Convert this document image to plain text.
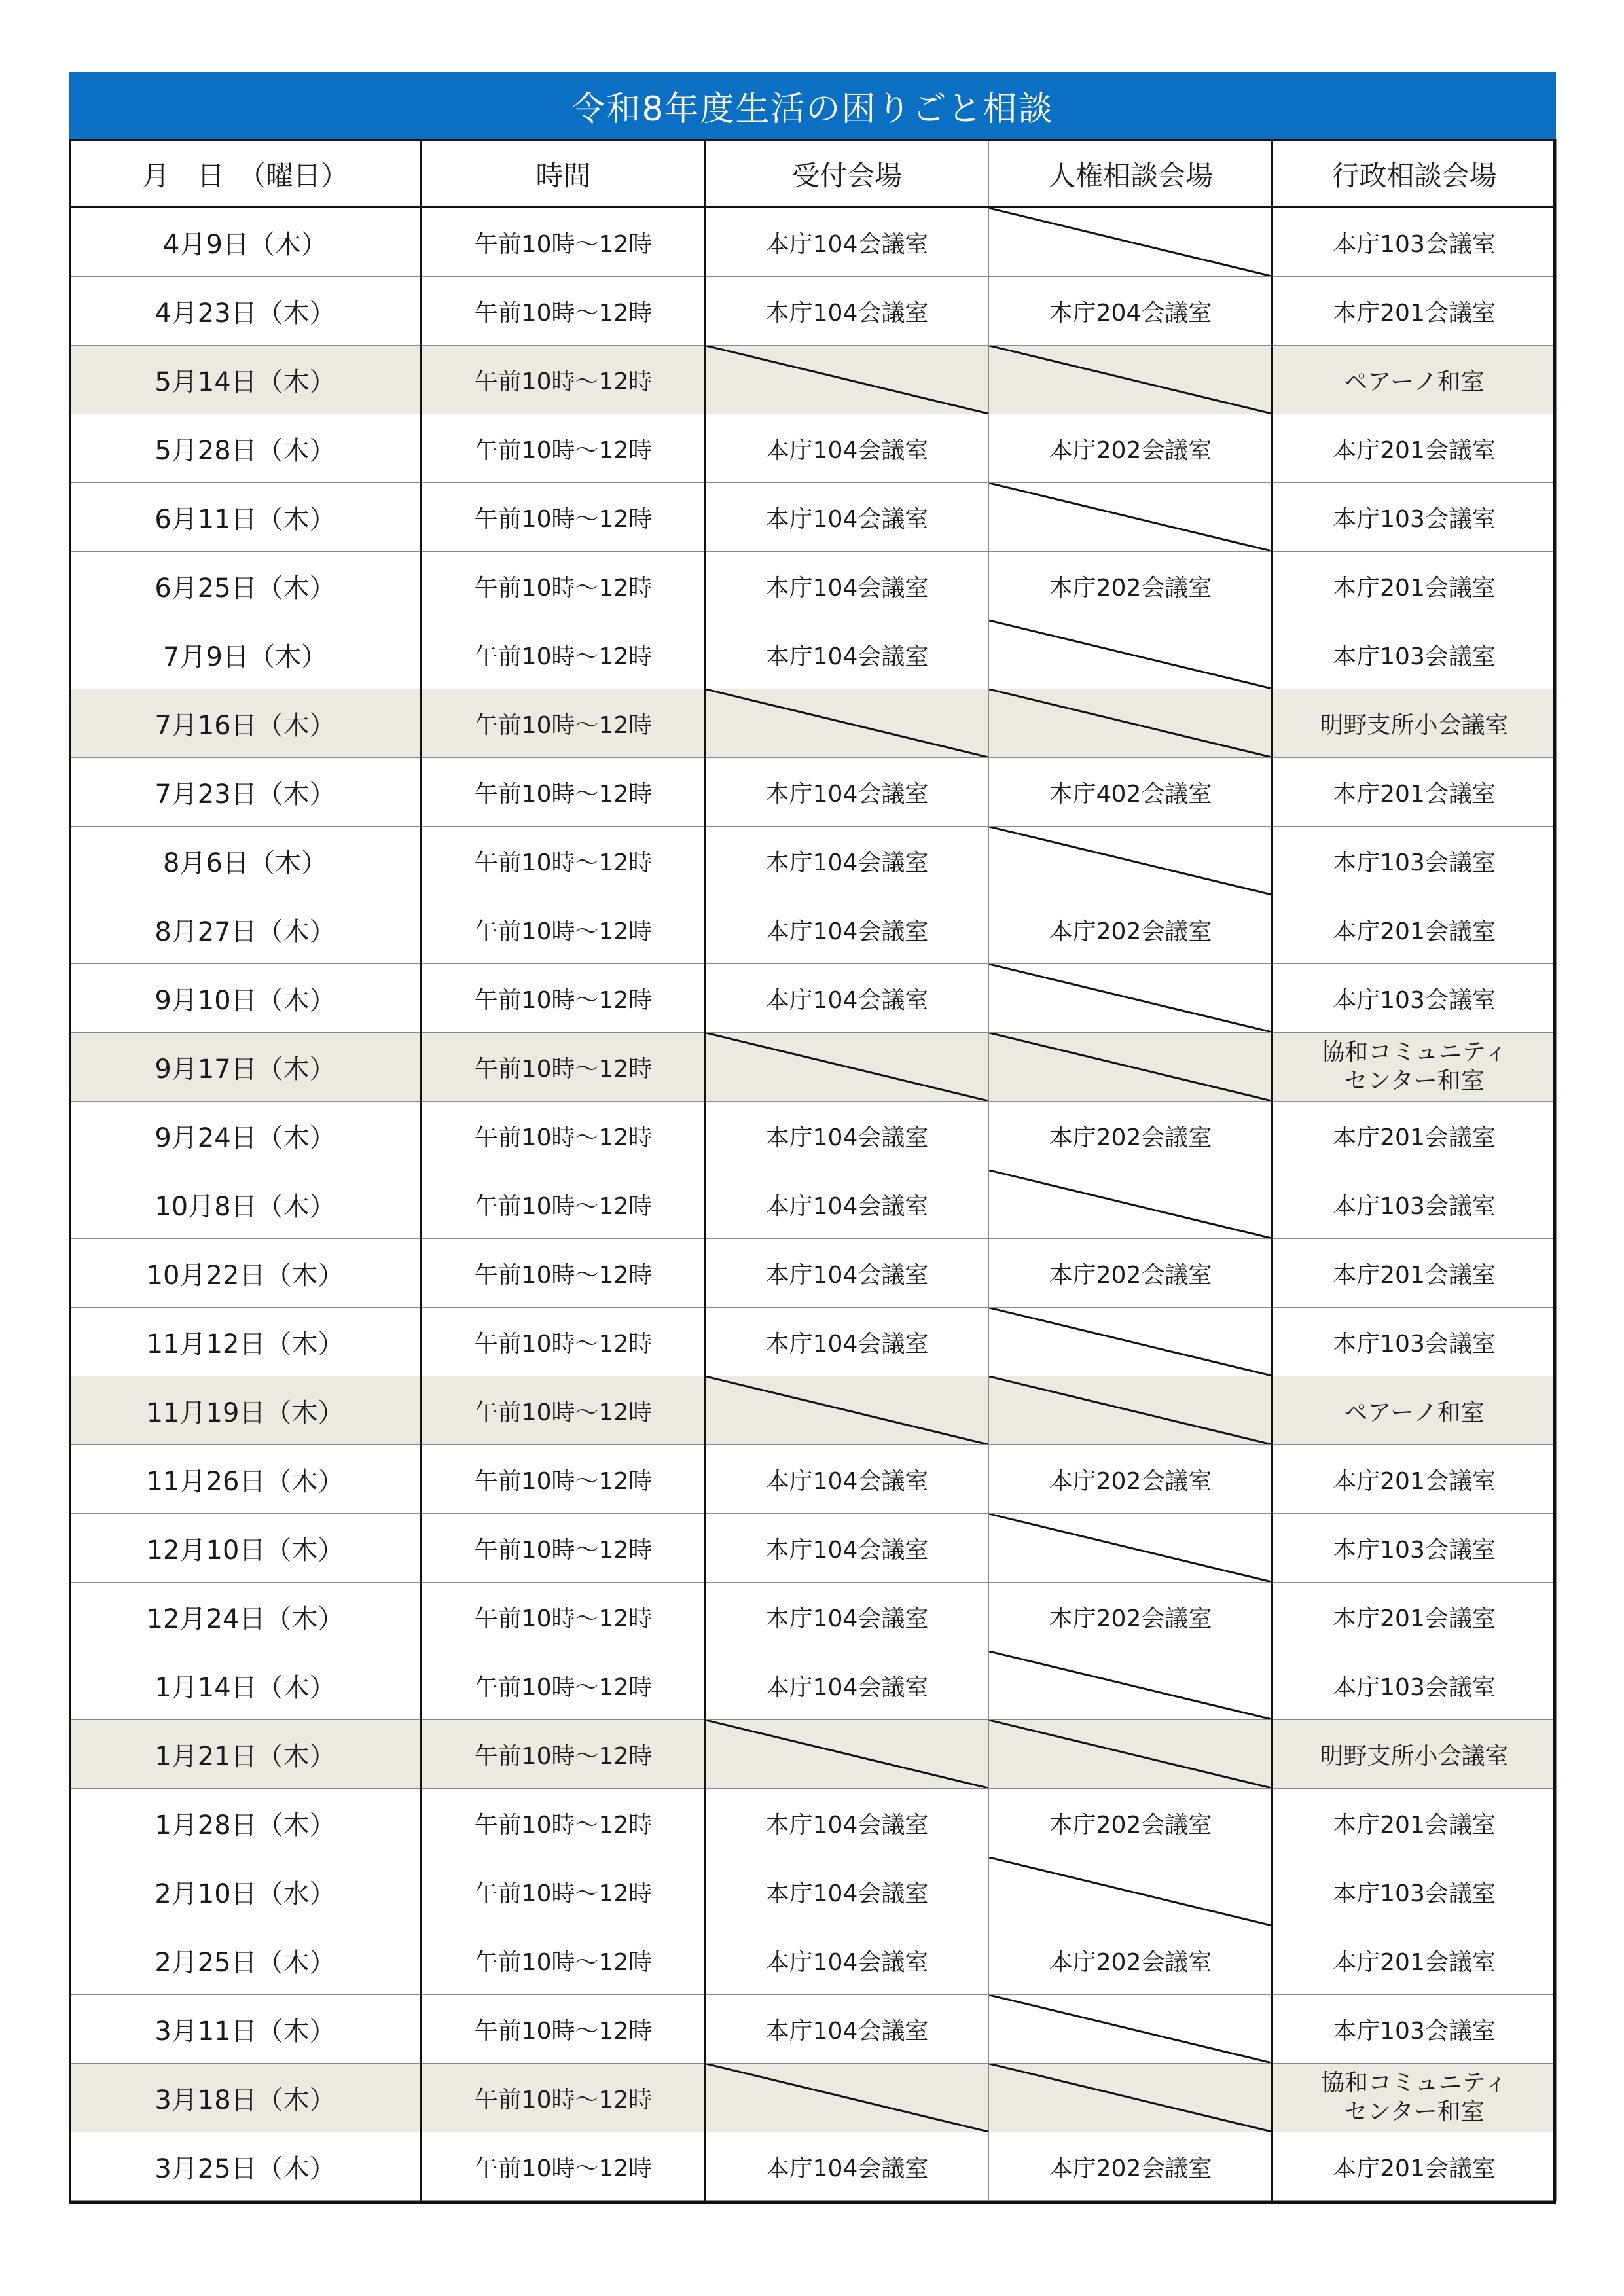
令和8年度生活の困りごと相談
月　日　（曜日）	時間	受付会場	人権相談会場	行政相談会場
4月9日（木）	午前10時～12時	本庁104会議室		本庁103会議室
4月23日（木）	午前10時～12時	本庁104会議室	本庁204会議室	本庁201会議室
5月14日（木）	午前10時～12時			ペアーノ和室
5月28日（木）	午前10時～12時	本庁104会議室	本庁202会議室	本庁201会議室
6月11日（木）	午前10時～12時	本庁104会議室		本庁103会議室
6月25日（木）	午前10時～12時	本庁104会議室	本庁202会議室	本庁201会議室
7月9日（木）	午前10時～12時	本庁104会議室		本庁103会議室
7月16日（木）	午前10時～12時			明野支所小会議室
7月23日（木）	午前10時～12時	本庁104会議室	本庁402会議室	本庁201会議室
8月6日（木）	午前10時～12時	本庁104会議室		本庁103会議室
8月27日（木）	午前10時～12時	本庁104会議室	本庁202会議室	本庁201会議室
9月10日（木）	午前10時～12時	本庁104会議室		本庁103会議室
9月17日（木）	午前10時～12時			協和コミュニティ
センター和室
9月24日（木）	午前10時～12時	本庁104会議室	本庁202会議室	本庁201会議室
10月8日（木）	午前10時～12時	本庁104会議室		本庁103会議室
10月22日（木）	午前10時～12時	本庁104会議室	本庁202会議室	本庁201会議室
11月12日（木）	午前10時～12時	本庁104会議室		本庁103会議室
11月19日（木）	午前10時～12時			ペアーノ和室
11月26日（木）	午前10時～12時	本庁104会議室	本庁202会議室	本庁201会議室
12月10日（木）	午前10時～12時	本庁104会議室		本庁103会議室
12月24日（木）	午前10時～12時	本庁104会議室	本庁202会議室	本庁201会議室
1月14日（木）	午前10時～12時	本庁104会議室		本庁103会議室
1月21日（木）	午前10時～12時			明野支所小会議室
1月28日（木）	午前10時～12時	本庁104会議室	本庁202会議室	本庁201会議室
2月10日（水）	午前10時～12時	本庁104会議室		本庁103会議室
2月25日（木）	午前10時～12時	本庁104会議室	本庁202会議室	本庁201会議室
3月11日（木）	午前10時～12時	本庁104会議室		本庁103会議室
3月18日（木）	午前10時～12時			協和コミュニティ
センター和室
3月25日（木）	午前10時～12時	本庁104会議室	本庁202会議室	本庁201会議室
